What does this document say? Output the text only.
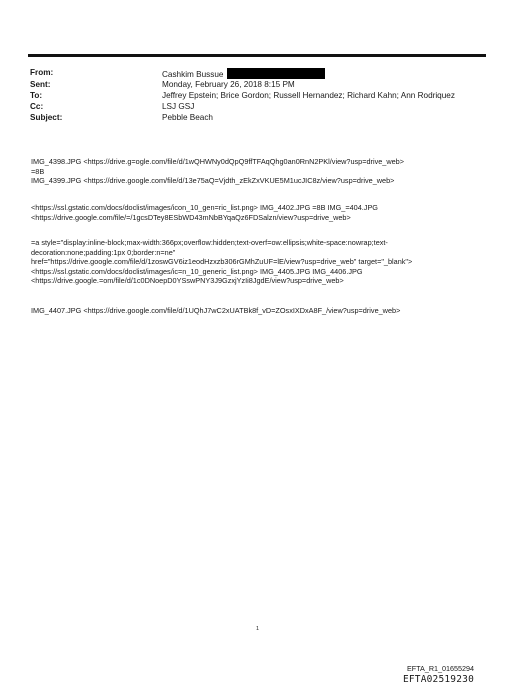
From:	Cashkim Bussue
Sent:	Monday, February 26, 2018 8:15 PM
To:	Jeffrey Epstein; Brice Gordon; Russell Hernandez; Richard Kahn; Ann Rodriquez
Cc:	LSJ GSJ
Subject:	Pebble Beach
IMG_4398.JPG <https://drive.g=ogle.com/file/d/1wQHWNy0dQpQ9ffTFAqQhg0an0RnN2PKl/view?usp=drive_web>
=8B
IMG_4399.JPG <https://drive.google.com/file/d/13e75aQ=Vjdth_zEkZxVKUE5M1ucJIC8z/view?usp=drive_web>
<https://ssl.gstatic.com/docs/doclist/images/icon_10_gen=ric_list.png> IMG_4402.JPG =8B IMG_=404.JPG
<https://drive.google.com/file/=/1gcsDTey8ESbWD43mNbBYqaQz6FDSalzn/view?usp=drive_web>
=a style="display:inline-block;max-width:366px;overflow:hidden;text-overf=ow:ellipsis;white-space:nowrap;text-
decoration:none;padding:1px 0;border:n=ne"
href="https://drive.google.com/file/d/1zoswGV6iz1eodHzxzb306rGMhZuUF=lE/view?usp=drive_web" target="_blank">
<https://ssl.gstatic.com/docs/doclist/images/ic=n_10_generic_list.png> IMG_4405.JPG IMG_4406.JPG
<https://drive.google.=om/file/d/1c0DNoepD0YSswPNY3J9GzxjYzIi8JgdE/view?usp=drive_web>
IMG_4407.JPG <https://drive.google.com/file/d/1UQhJ7wC2xUATBk8f_vD=ZOsxIXDxA8F_/view?usp=drive_web>
1
EFTA_R1_01655294
EFTA02519230
